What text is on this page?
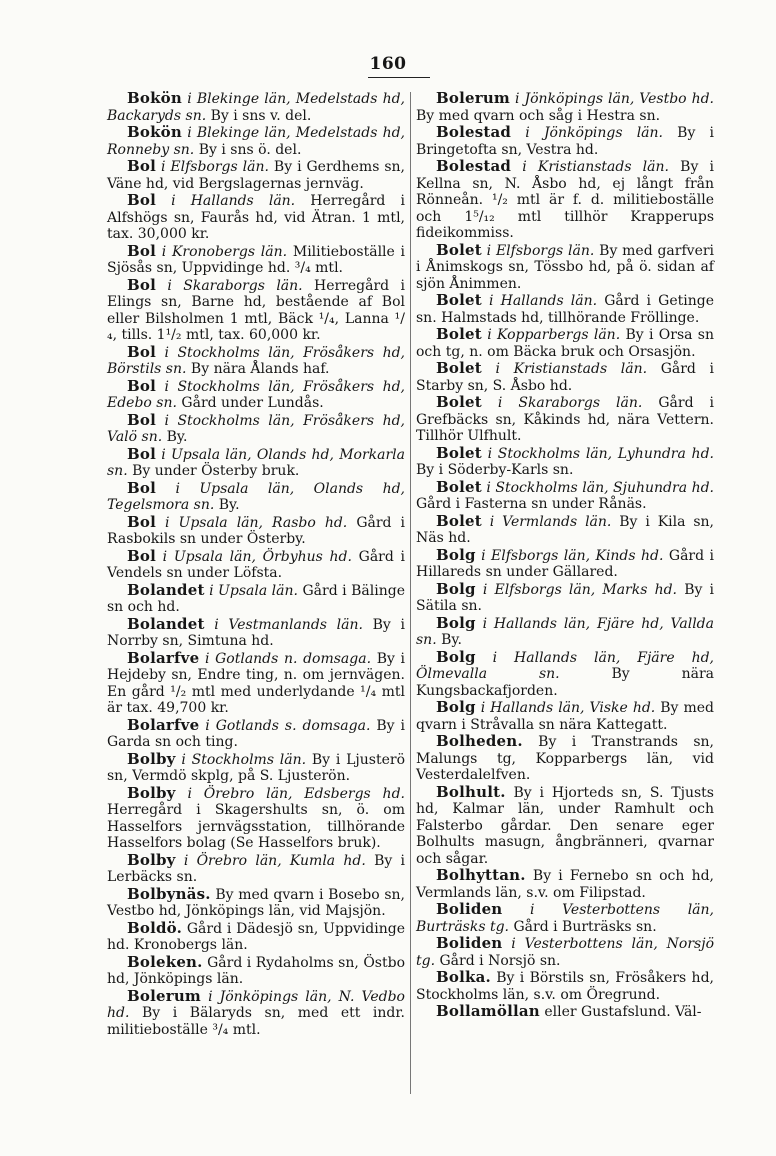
160

Bokön i Blekinge län, Medelstads hd, Backaryds sn. By i sns v. del.

Bokön i Blekinge län, Medelstads hd, Ronneby sn. By i sns ö. del.

Bol i Elfsborgs län. By i Gerdhems sn, Väne hd, vid Bergslagernas jernväg.

Bol i Hallands län. Herregård i Alfshögs sn, Faurås hd, vid Ätran. 1 mtl, tax. 30,000 kr.

Bol i Kronobergs län. Militieboställe i Sjösås sn, Uppvidinge hd. ³/₄ mtl.

Bol i Skaraborgs län. Herregård i Elings sn, Barne hd, bestående af Bol eller Bilsholmen 1 mtl, Bäck ¹/₄, Lanna ¹/₄, tills. 1¹/₂ mtl, tax. 60,000 kr.

Bol i Stockholms län, Frösåkers hd, Börstils sn. By nära Ålands haf.

Bol i Stockholms län, Frösåkers hd, Edebo sn. Gård under Lundås.

Bol i Stockholms län, Frösåkers hd, Valö sn. By.

Bol i Upsala län, Olands hd, Morkarla sn. By under Österby bruk.

Bol i Upsala län, Olands hd, Tegelsmora sn. By.

Bol i Upsala län, Rasbo hd. Gård i Rasbokils sn under Österby.

Bol i Upsala län, Örbyhus hd. Gård i Vendels sn under Löfsta.

Bolandet i Upsala län. Gård i Bälinge sn och hd.

Bolandet i Vestmanlands län. By i Norrby sn, Simtuna hd.

Bolarfve i Gotlands n. domsaga. By i Hejdeby sn, Endre ting, n. om jernvägen. En gård ¹/₂ mtl med underlydande ¹/₄ mtl är tax. 49,700 kr.

Bolarfve i Gotlands s. domsaga. By i Garda sn och ting.

Bolby i Stockholms län. By i Ljusterö sn, Vermdö skplg, på S. Ljusterön.

Bolby i Örebro län, Edsbergs hd. Herregård i Skagershults sn, ö. om Hasselfors jernvägsstation, tillhörande Hasselfors bolag (Se Hasselfors bruk).

Bolby i Örebro län, Kumla hd. By i Lerbäcks sn.

Bolbynäs. By med qvarn i Bosebo sn, Vestbo hd, Jönköpings län, vid Majsjön.

Boldö. Gård i Dädesjö sn, Uppvidinge hd. Kronobergs län.

Boleken. Gård i Rydaholms sn, Östbo hd, Jönköpings län.

Bolerum i Jönköpings län, N. Vedbo hd. By i Bälaryds sn, med ett indr. militieboställe ³/₄ mtl.

Bolerum i Jönköpings län, Vestbo hd. By med qvarn och såg i Hestra sn.

Bolestad i Jönköpings län. By i Bringetofta sn, Vestra hd.

Bolestad i Kristianstads län. By i Kellna sn, N. Åsbo hd, ej långt från Rönneån. ¹/₂ mtl är f. d. militieboställe och 1⁵/₁₂ mtl tillhör Krapperups fideikommiss.

Bolet i Elfsborgs län. By med garfveri i Ånimskogs sn, Tössbo hd, på ö. sidan af sjön Ånimmen.

Bolet i Hallands län. Gård i Getinge sn. Halmstads hd, tillhörande Fröllinge.

Bolet i Kopparbergs län. By i Orsa sn och tg, n. om Bäcka bruk och Orsasjön.

Bolet i Kristianstads län. Gård i Starby sn, S. Åsbo hd.

Bolet i Skaraborgs län. Gård i Grefbäcks sn, Kåkinds hd, nära Vettern. Tillhör Ulfhult.

Bolet i Stockholms län, Lyhundra hd. By i Söderby-Karls sn.

Bolet i Stockholms län, Sjuhundra hd. Gård i Fasterna sn under Rånäs.

Bolet i Vermlands län. By i Kila sn, Näs hd.

Bolg i Elfsborgs län, Kinds hd. Gård i Hillareds sn under Gällared.

Bolg i Elfsborgs län, Marks hd. By i Sätila sn.

Bolg i Hallands län, Fjäre hd, Vallda sn. By.

Bolg i Hallands län, Fjäre hd, Ölmevalla sn.	By nära Kungsbackafjorden.

Bolg i Hallands län, Viske hd. By med qvarn i Stråvalla sn nära Kattegatt.

Bolheden. By i Transtrands sn, Malungs tg, Kopparbergs län, vid Vesterdalelfven.

Bolhult. By i Hjorteds sn, S. Tjusts hd, Kalmar län, under Ramhult och Falsterbo gårdar. Den senare eger Bolhults masugn, ångbränneri, qvarnar och sågar.

Bolhyttan. By i Fernebo sn och hd, Vermlands län, s.v. om Filipstad.

Boliden i Vesterbottens län, Burträsks tg. Gård i Burträsks sn.

Boliden i Vesterbottens län, Norsjö tg. Gård i Norsjö sn.

Bolka. By i Börstils sn, Frösåkers hd, Stockholms län, s.v. om Öregrund.

Bollamöllan eller Gustafslund. Väl-
